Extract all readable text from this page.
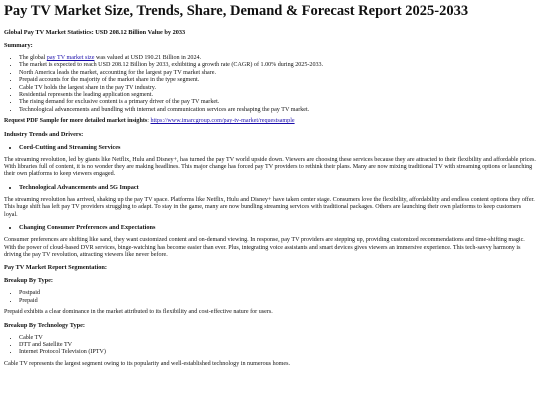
Pay TV Market Size, Trends, Share, Demand & Forecast Report 2025-2033
Global Pay TV Market Statistics: USD 208.12 Billion Value by 2033
Summary:
• The global pay TV market size was valued at USD 190.21 Billion in 2024.
• The market is expected to reach USD 208.12 Billion by 2033, exhibiting a growth rate (CAGR) of 1.00% during 2025-2033.
• North America leads the market, accounting for the largest pay TV market share.
• Prepaid accounts for the majority of the market share in the type segment.
• Cable TV holds the largest share in the pay TV industry.
• Residential represents the leading application segment.
• The rising demand for exclusive content is a primary driver of the pay TV market.
• Technological advancements and bundling with internet and communication services are reshaping the pay TV market.

Request PDF Sample for more detailed market insights: https://www.imarcgroup.com/pay-tv-market/requestsample

Industry Trends and Drivers:
• Cord-Cutting and Streaming Services

The streaming revolution, led by giants like Netflix, Hulu and Disney+, has turned the pay TV world upside down. Viewers are choosing these services because they are attracted to their flexibility and affordable prices. With libraries full of content, it is no wonder they are making headlines. This major change has forced pay TV providers to rethink their plans. Many are now mixing traditional TV with streaming options or launching their own platforms to keep viewers engaged.

• Technological Advancements and 5G Impact

The streaming revolution has arrived, shaking up the pay TV space. Platforms like Netflix, Hulu and Disney+ have taken center stage. Consumers love the flexibility, affordability and endless content options they offer. This huge shift has left pay TV providers struggling to adapt. To stay in the game, many are now bundling streaming services with traditional packages. Others are launching their own platforms to keep customers loyal.

• Changing Consumer Preferences and Expectations

Consumer preferences are shifting like sand, they want customized content and on-demand viewing. In response, pay TV providers are stepping up, providing customized recommendations and time-shifting magic. With the power of cloud-based DVR services, binge-watching has become easier than ever. Plus, integrating voice assistants and smart devices gives viewers an immersive experience. This tech-savvy harmony is driving the pay TV revolution, attracting viewers like never before.

Pay TV Market Report Segmentation:
Breakup By Type:
• Postpaid
• Prepaid

Prepaid exhibits a clear dominance in the market attributed to its flexibility and cost-effective nature for users.

Breakup By Technology Type:
• Cable TV
• DTT and Satellite TV
• Internet Protocol Television (IPTV)

Cable TV represents the largest segment owing to its popularity and well-established technology in numerous homes.
